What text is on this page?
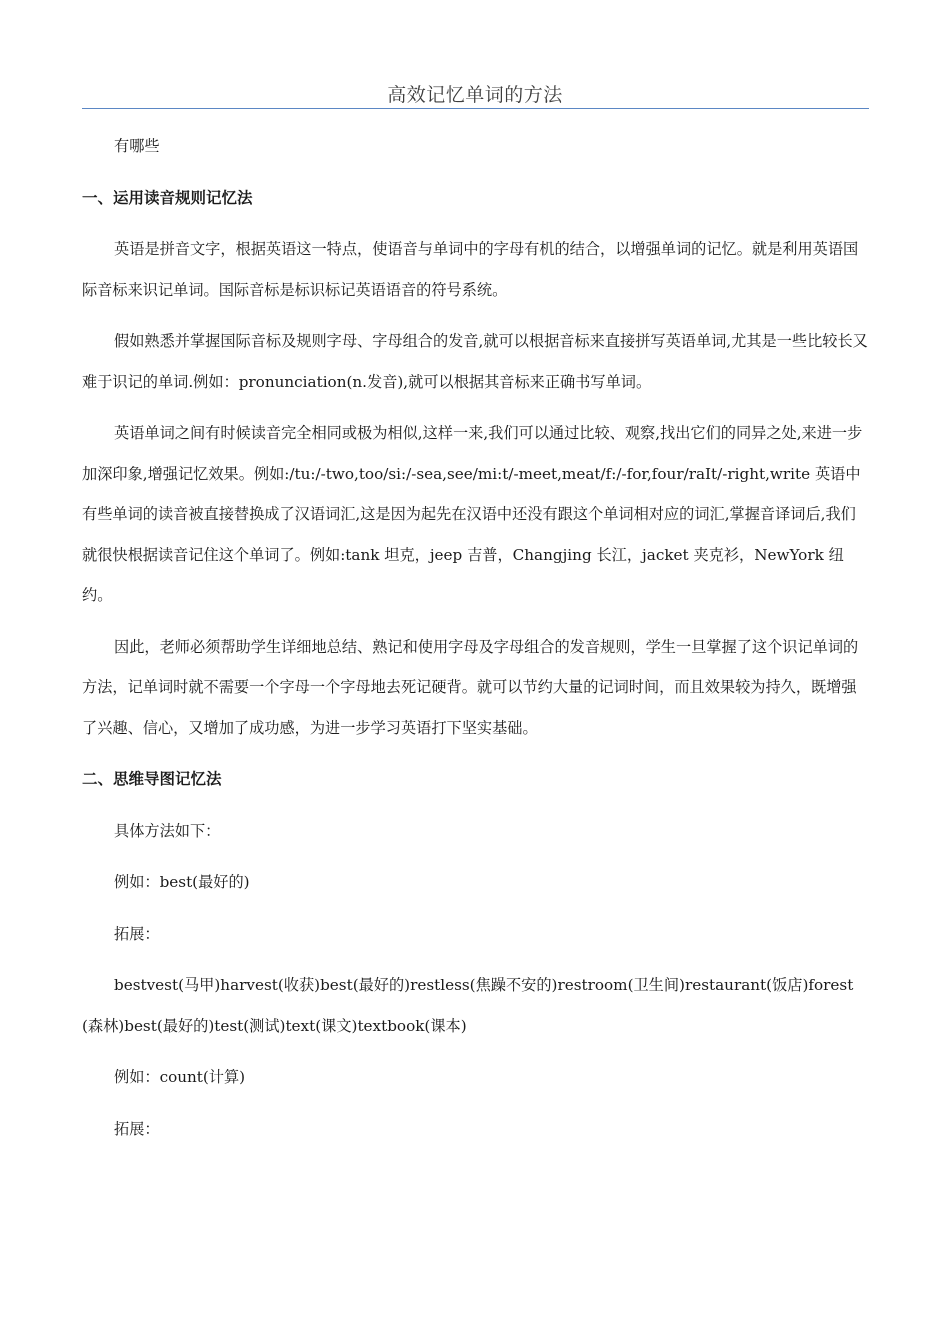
高效记忆单词的方法

有哪些

一、运用读音规则记忆法

英语是拼音文字，根据英语这一特点，使语音与单词中的字母有机的结合，以增强单词的记忆。就是利用英语国际音标来识记单词。国际音标是标识标记英语语音的符号系统。

假如熟悉并掌握国际音标及规则字母、字母组合的发音,就可以根据音标来直接拼写英语单词,尤其是一些比较长又难于识记的单词.例如：pronunciation(n.发音),就可以根据其音标来正确书写单词。

英语单词之间有时候读音完全相同或极为相似,这样一来,我们可以通过比较、观察,找出它们的同异之处,来进一步加深印象,增强记忆效果。例如:/tu:/-two,too/si:/-sea,see/mi:t/-meet,meat/f:/-for,four/raIt/-right,write 英语中有些单词的读音被直接替换成了汉语词汇,这是因为起先在汉语中还没有跟这个单词相对应的词汇,掌握音译词后,我们就很快根据读音记住这个单词了。例如:tank 坦克，jeep 吉普，Changjing 长江，jacket 夹克衫，NewYork 纽约。

因此，老师必须帮助学生详细地总结、熟记和使用字母及字母组合的发音规则，学生一旦掌握了这个识记单词的方法，记单词时就不需要一个字母一个字母地去死记硬背。就可以节约大量的记词时间，而且效果较为持久，既增强了兴趣、信心，又增加了成功感，为进一步学习英语打下坚实基础。

二、思维导图记忆法

具体方法如下：

例如：best(最好的)

拓展：

bestvest(马甲)harvest(收获)best(最好的)restless(焦躁不安的)restroom(卫生间)restaurant(饭店)forest(森林)best(最好的)test(测试)text(课文)textbook(课本)

例如：count(计算)

拓展：
